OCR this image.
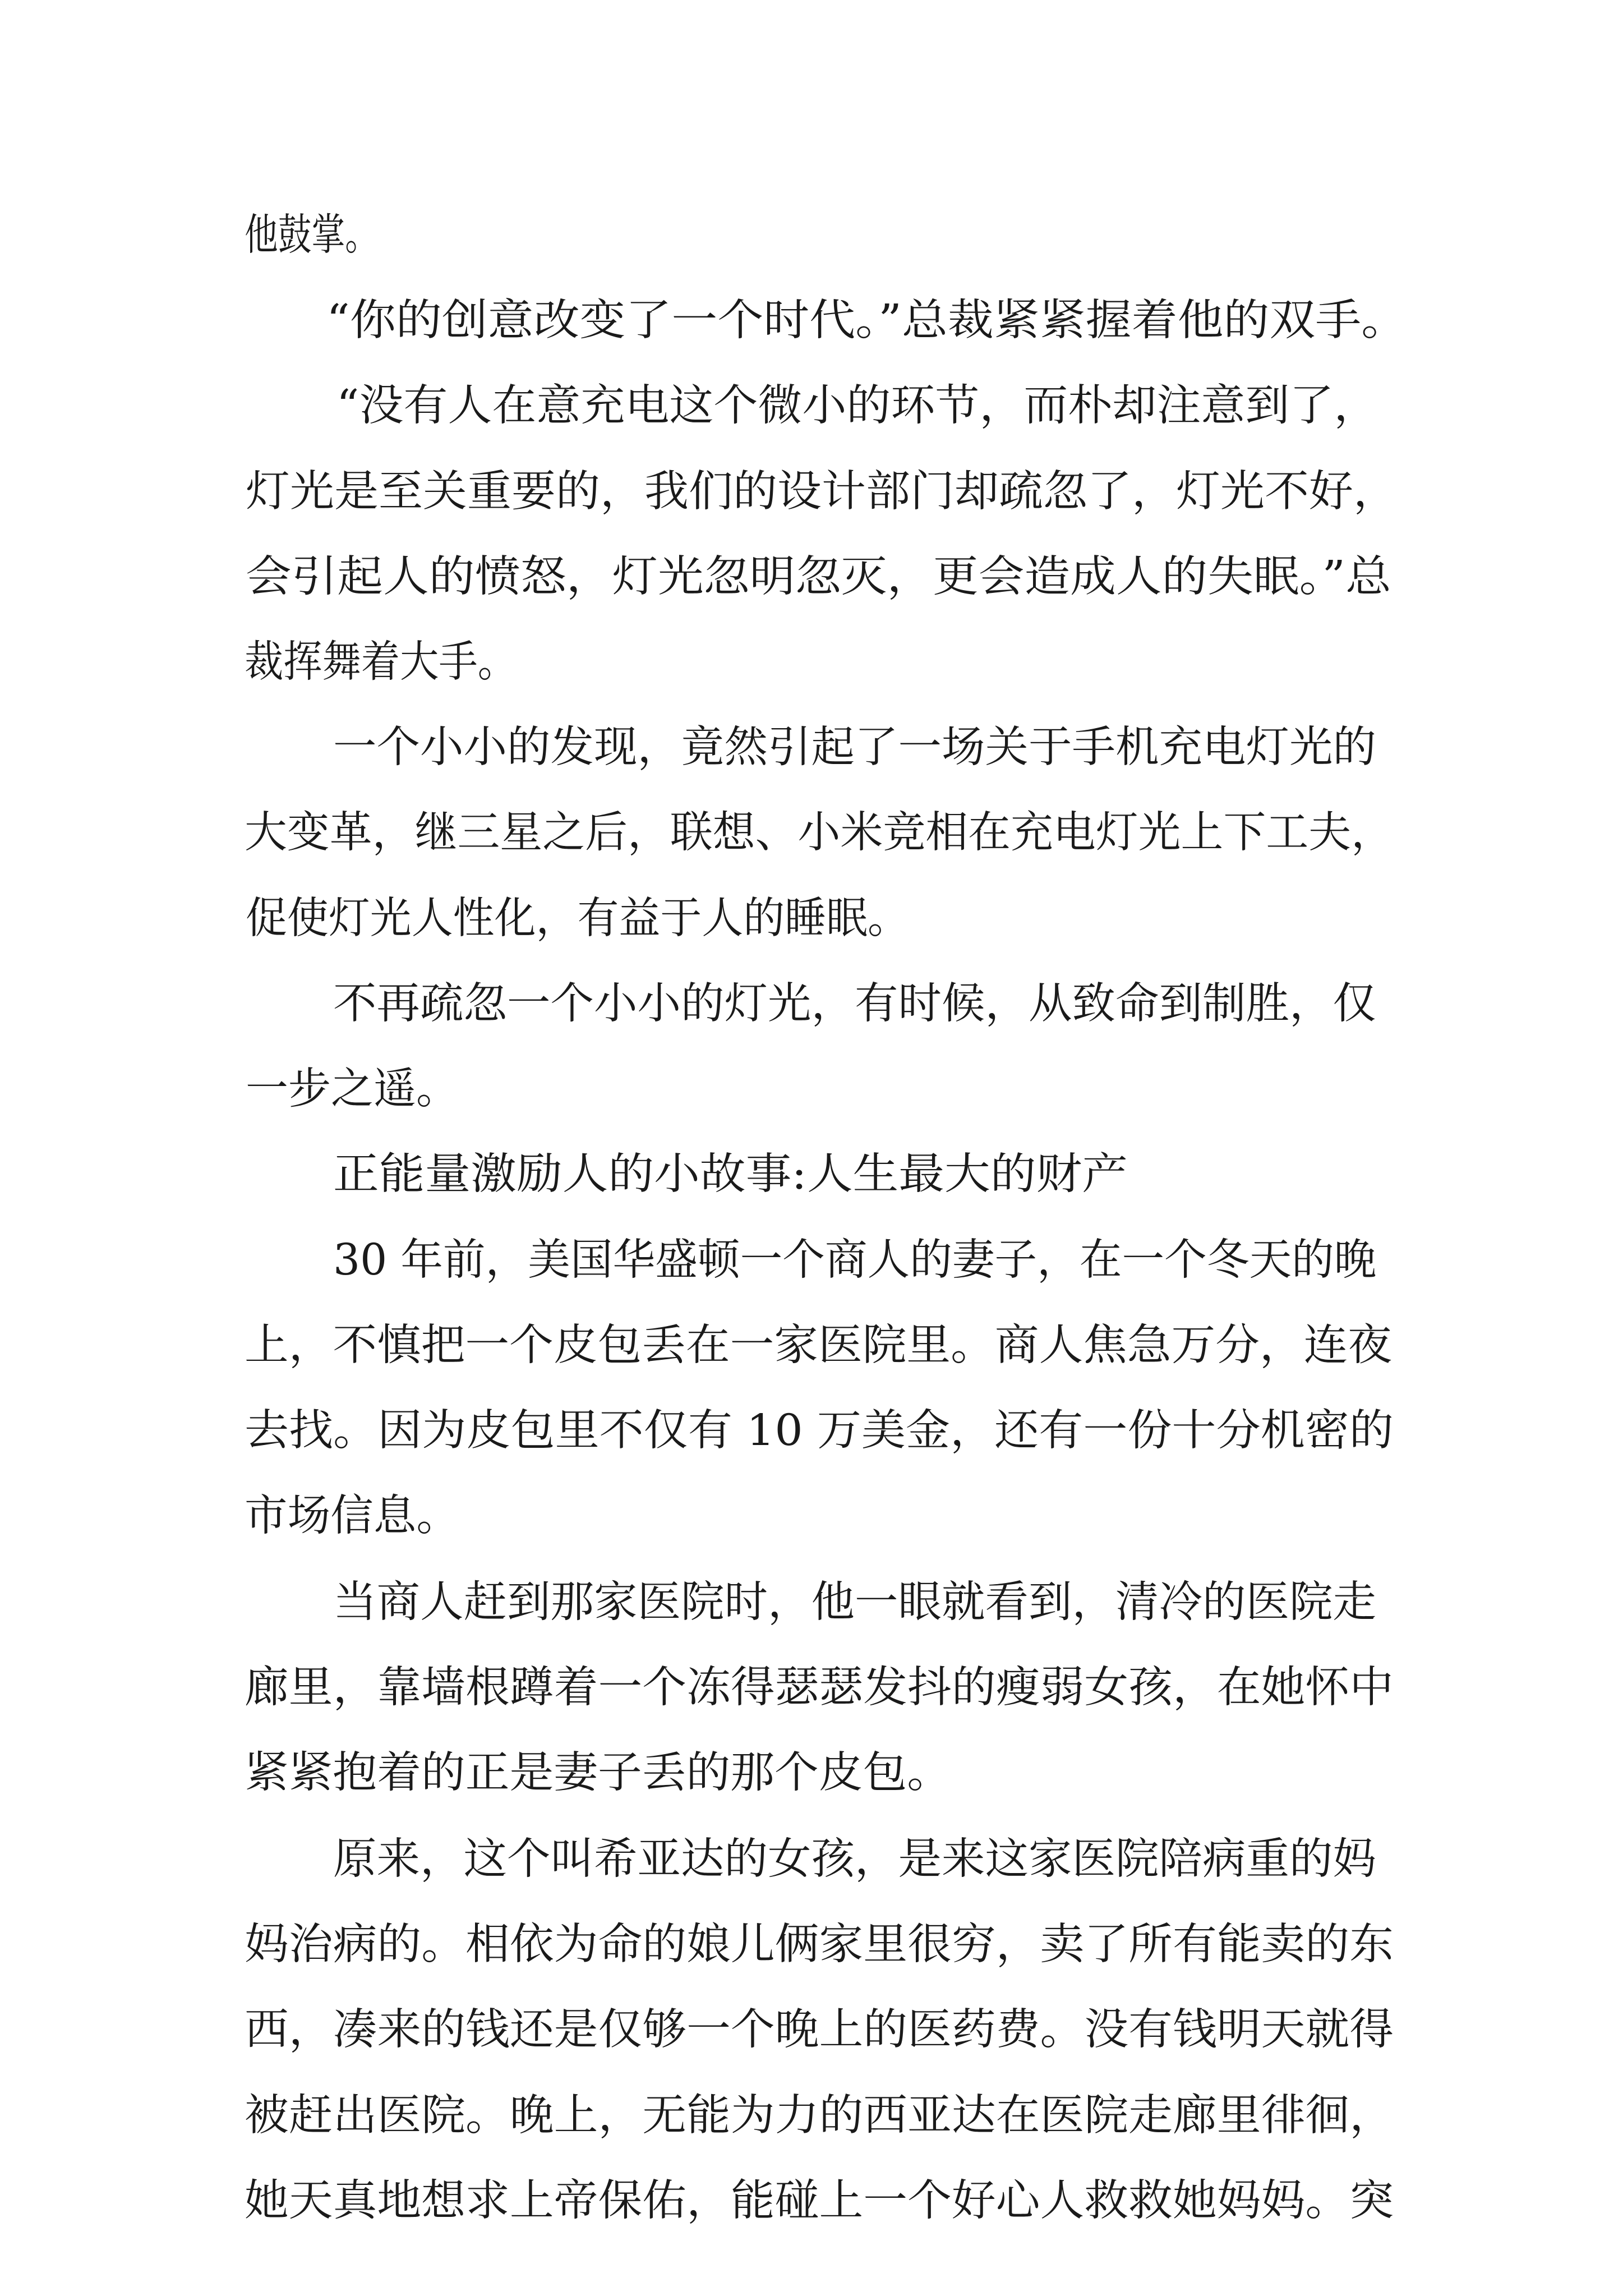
他鼓掌。

“你的创意改变了一个时代。”总裁紧紧握着他的双手。

“没有人在意充电这个微小的环节，而朴却注意到了，

灯光是至关重要的，我们的设计部门却疏忽了，灯光不好，

会引起人的愤怒，灯光忽明忽灭，更会造成人的失眠。”总

裁挥舞着大手。

一个小小的发现，竟然引起了一场关于手机充电灯光的

大变革，继三星之后，联想、小米竞相在充电灯光上下工夫，

促使灯光人性化，有益于人的睡眠。

不再疏忽一个小小的灯光，有时候，从致命到制胜，仅

一步之遥。

正能量激励人的小故事:人生最大的财产

30 年前，美国华盛顿一个商人的妻子，在一个冬天的晚

上，不慎把一个皮包丢在一家医院里。商人焦急万分，连夜

去找。因为皮包里不仅有 10 万美金，还有一份十分机密的

市场信息。

当商人赶到那家医院时，他一眼就看到，清冷的医院走

廊里，靠墙根蹲着一个冻得瑟瑟发抖的瘦弱女孩，在她怀中

紧紧抱着的正是妻子丢的那个皮包。

原来，这个叫希亚达的女孩，是来这家医院陪病重的妈

妈治病的。相依为命的娘儿俩家里很穷，卖了所有能卖的东

西，凑来的钱还是仅够一个晚上的医药费。没有钱明天就得

被赶出医院。晚上，无能为力的西亚达在医院走廊里徘徊，

她天真地想求上帝保佑，能碰上一个好心人救救她妈妈。突
